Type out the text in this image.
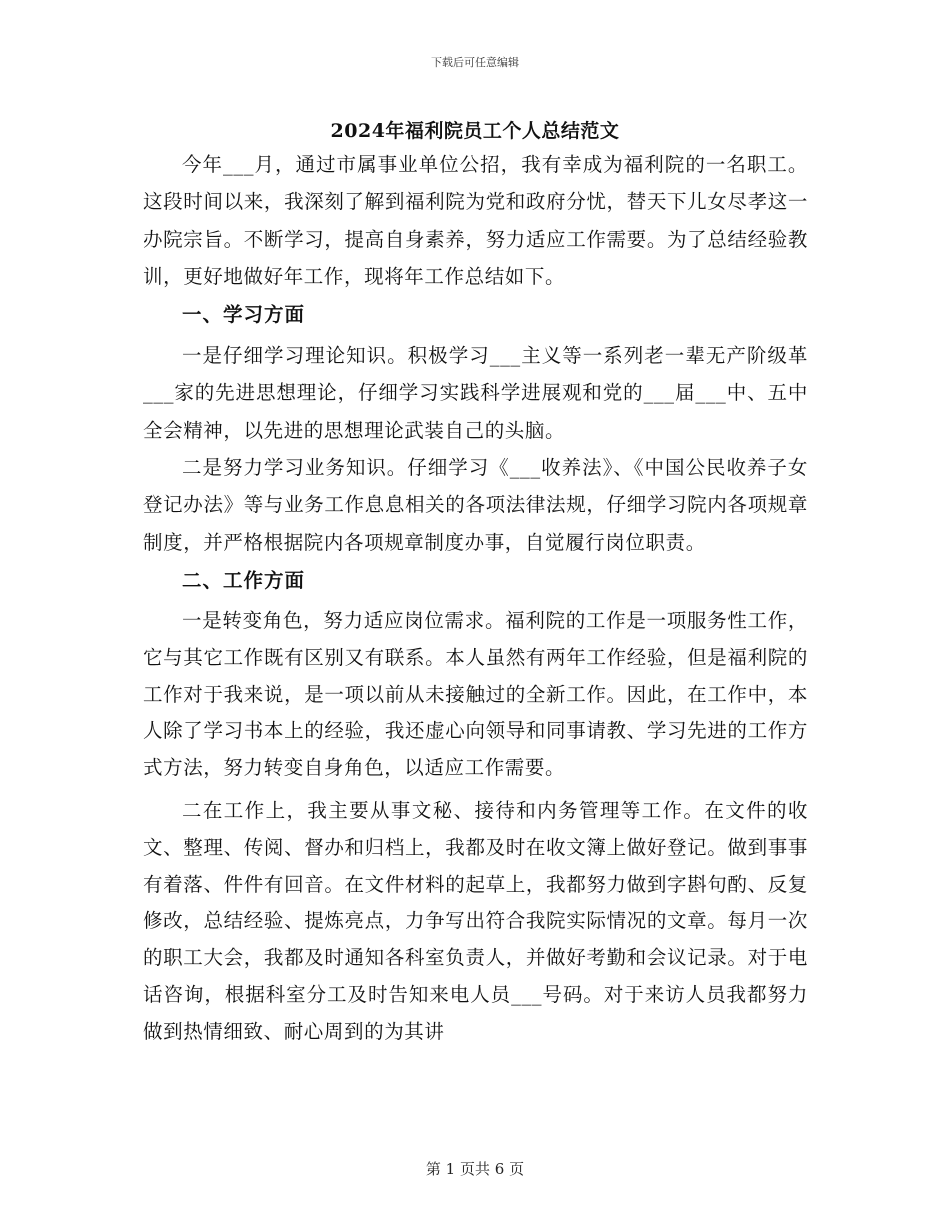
下载后可任意编辑
2024年福利院员工个人总结范文

今年___月，通过市属事业单位公招，我有幸成为福利院的一名职工。这段时间以来，我深刻了解到福利院为党和政府分忧，替天下儿女尽孝这一办院宗旨。不断学习，提高自身素养，努力适应工作需要。为了总结经验教训，更好地做好年工作，现将年工作总结如下。

一、学习方面

一是仔细学习理论知识。积极学习___主义等一系列老一辈无产阶级革___家的先进思想理论，仔细学习实践科学进展观和党的___届___中、五中全会精神，以先进的思想理论武装自己的头脑。

二是努力学习业务知识。仔细学习《___收养法》、《中国公民收养子女登记办法》等与业务工作息息相关的各项法律法规，仔细学习院内各项规章制度，并严格根据院内各项规章制度办事，自觉履行岗位职责。

二、工作方面

一是转变角色，努力适应岗位需求。福利院的工作是一项服务性工作，它与其它工作既有区别又有联系。本人虽然有两年工作经验，但是福利院的工作对于我来说，是一项以前从未接触过的全新工作。因此，在工作中，本人除了学习书本上的经验，我还虚心向领导和同事请教、学习先进的工作方式方法，努力转变自身角色，以适应工作需要。

二在工作上，我主要从事文秘、接待和内务管理等工作。在文件的收文、整理、传阅、督办和归档上，我都及时在收文簿上做好登记。做到事事有着落、件件有回音。在文件材料的起草上，我都努力做到字斟句酌、反复修改，总结经验、提炼亮点，力争写出符合我院实际情况的文章。每月一次的职工大会，我都及时通知各科室负责人，并做好考勤和会议记录。对于电话咨询，根据科室分工及时告知来电人员___号码。对于来访人员我都努力做到热情细致、耐心周到的为其讲

第 1 页共 6 页
